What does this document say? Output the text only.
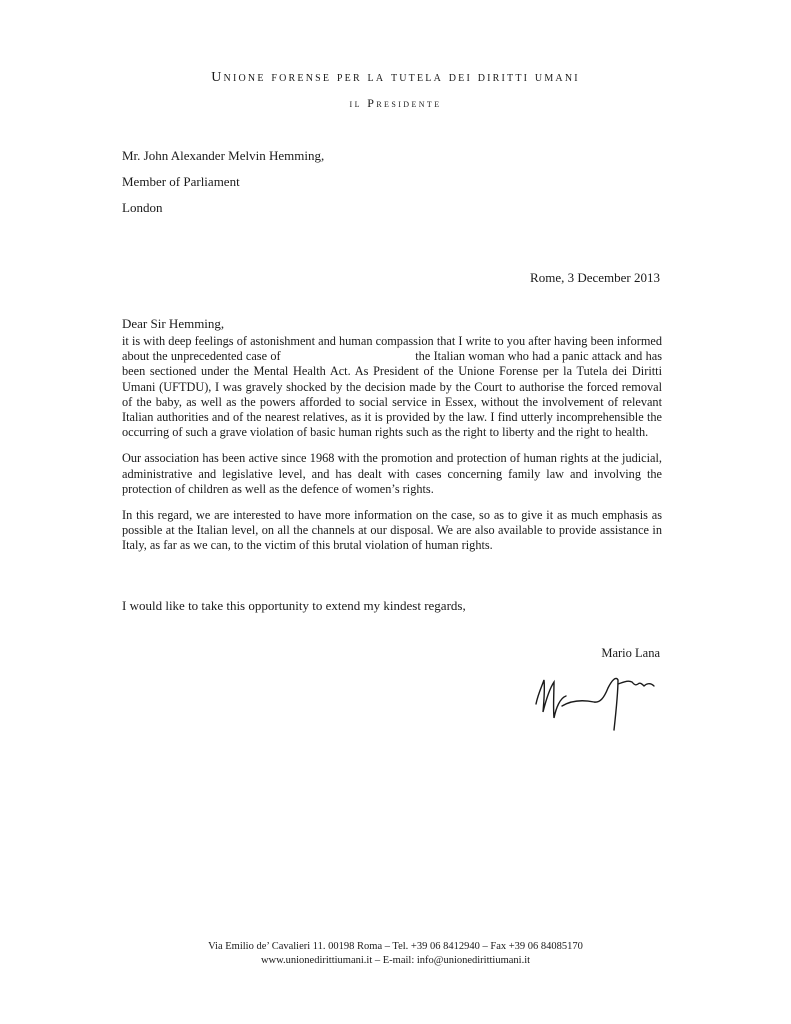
Unione forense per la tutela dei diritti umani
il Presidente
Mr. John Alexander Melvin Hemming,
Member of Parliament
London
Rome, 3 December 2013
Dear Sir Hemming,

it is with deep feelings of astonishment and human compassion that I write to you after having been informed about the unprecedented case of                                         the Italian woman who had a panic attack and has been sectioned under the Mental Health Act. As President of the Unione Forense per la Tutela dei Diritti Umani (UFTDU), I was gravely shocked by the decision made by the Court to authorise the forced removal of the baby, as well as the powers afforded to social service in Essex, without the involvement of relevant Italian authorities and of the nearest relatives, as it is provided by the law. I find utterly incomprehensible the occurring of such a grave violation of basic human rights such as the right to liberty and the right to health.

Our association has been active since 1968 with the promotion and protection of human rights at the judicial, administrative and legislative level, and has dealt with cases concerning family law and involving the protection of children as well as the defence of women’s rights.

In this regard, we are interested to have more information on the case, so as to give it as much emphasis as possible at the Italian level, on all the channels at our disposal. We are also available to provide assistance in Italy, as far as we can, to the victim of this brutal violation of human rights.

I would like to take this opportunity to extend my kindest regards,
Mario Lana
Via Emilio de’ Cavalieri 11. 00198 Roma – Tel. +39 06 8412940 – Fax +39 06 84085170
www.unionedirittiumani.it – E-mail: info@unionedirittiumani.it
